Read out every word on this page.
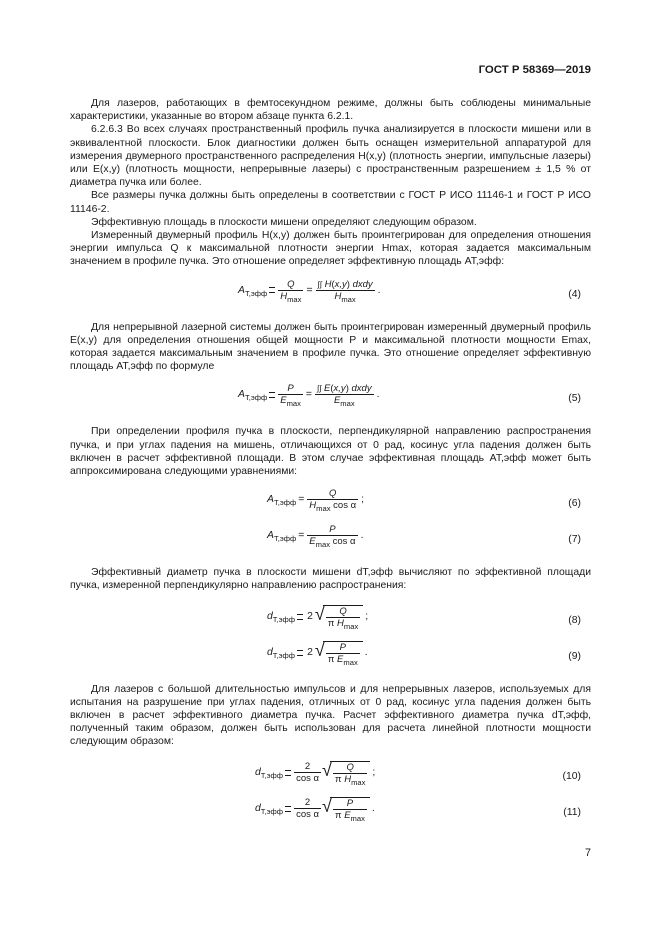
ГОСТ Р 58369—2019

Для лазеров, работающих в фемтосекундном режиме, должны быть соблюдены минимальные характеристики, указанные во втором абзаце пункта 6.2.1.

6.2.6.3 Во всех случаях пространственный профиль пучка анализируется в плоскости мишени или в эквивалентной плоскости. Блок диагностики должен быть оснащен измерительной аппаратурой для измерения двумерного пространственного распределения H(x,y) (плотность энергии, импульсные лазеры) или E(x,y) (плотность мощности, непрерывные лазеры) с пространственным разрешением ± 1,5 % от диаметра пучка или более.

Все размеры пучка должны быть определены в соответствии с ГОСТ Р ИСО 11146-1 и ГОСТ Р ИСО 11146-2.

Эффективную площадь в плоскости мишени определяют следующим образом.

Измеренный двумерный профиль H(x,y) должен быть проинтегрирован для определения отношения энергии импульса Q к максимальной плотности энергии Hmax, которая задается максимальным значением в профиле пучка. Это отношение определяет эффективную площадь AT,эфф:

$A_{T,эфф} \frac{Q}{H_{max}} = \frac{\text{∫∫ H(x,y) dxdy}}{H_{max}}$ .	(4)

Для непрерывной лазерной системы должен быть проинтегрирован измеренный двумерный профиль E(x,y) для определения отношения общей мощности P и максимальной плотности мощности Emax, которая задается максимальным значением в профиле пучка. Это отношение определяет эффективную площадь AT,эфф по формуле

$A_{T,эфф} \frac{P}{E_{max}} = \frac{\text{∫∫ E(x,y) dxdy}}{E_{max}}$ .	(5)

При определении профиля пучка в плоскости, перпендикулярной направлению распространения пучка, и при углах падения на мишень, отличающихся от 0 рад, косинус угла падения должен быть включен в расчет эффективной площади. В этом случае эффективная площадь AT,эфф может быть аппроксимирована следующими уравнениями:

$A_{T,эфф} = \frac{Q}{H_{max} \cos \alpha}$ ;	(6)
$A_{T,эфф} = \frac{P}{E_{max} \cos \alpha}$ .	(7)

Эффективный диаметр пучка в плоскости мишени dT,эфф вычисляют по эффективной площади пучка, измеренной перпендикулярно направлению распространения:

$d_{T,эфф}$ 2 √ $\frac{Q}{\pi H_{max}}$ ;	(8)
$d_{T,эфф}$ 2 √ $\frac{P}{\pi E_{max}}$ .	(9)

Для лазеров с большой длительностью импульсов и для непрерывных лазеров, используемых для испытания на разрушение при углах падения, отличных от 0 рад, косинус угла падения должен быть включен в расчет эффективного диаметра пучка. Расчет эффективного диаметра пучка dT,эфф, полученный таким образом, должен быть использован для расчета линейной плотности мощности следующим образом:

$d_{T,эфф} \frac{2}{\text{cos α}}$ √ $\frac{Q}{\pi H_{max}}$ ;	(10)
$d_{T,эфф} \frac{2}{\text{cos α}}$ √ $\frac{P}{\pi E_{max}}$ .	(11)
7
